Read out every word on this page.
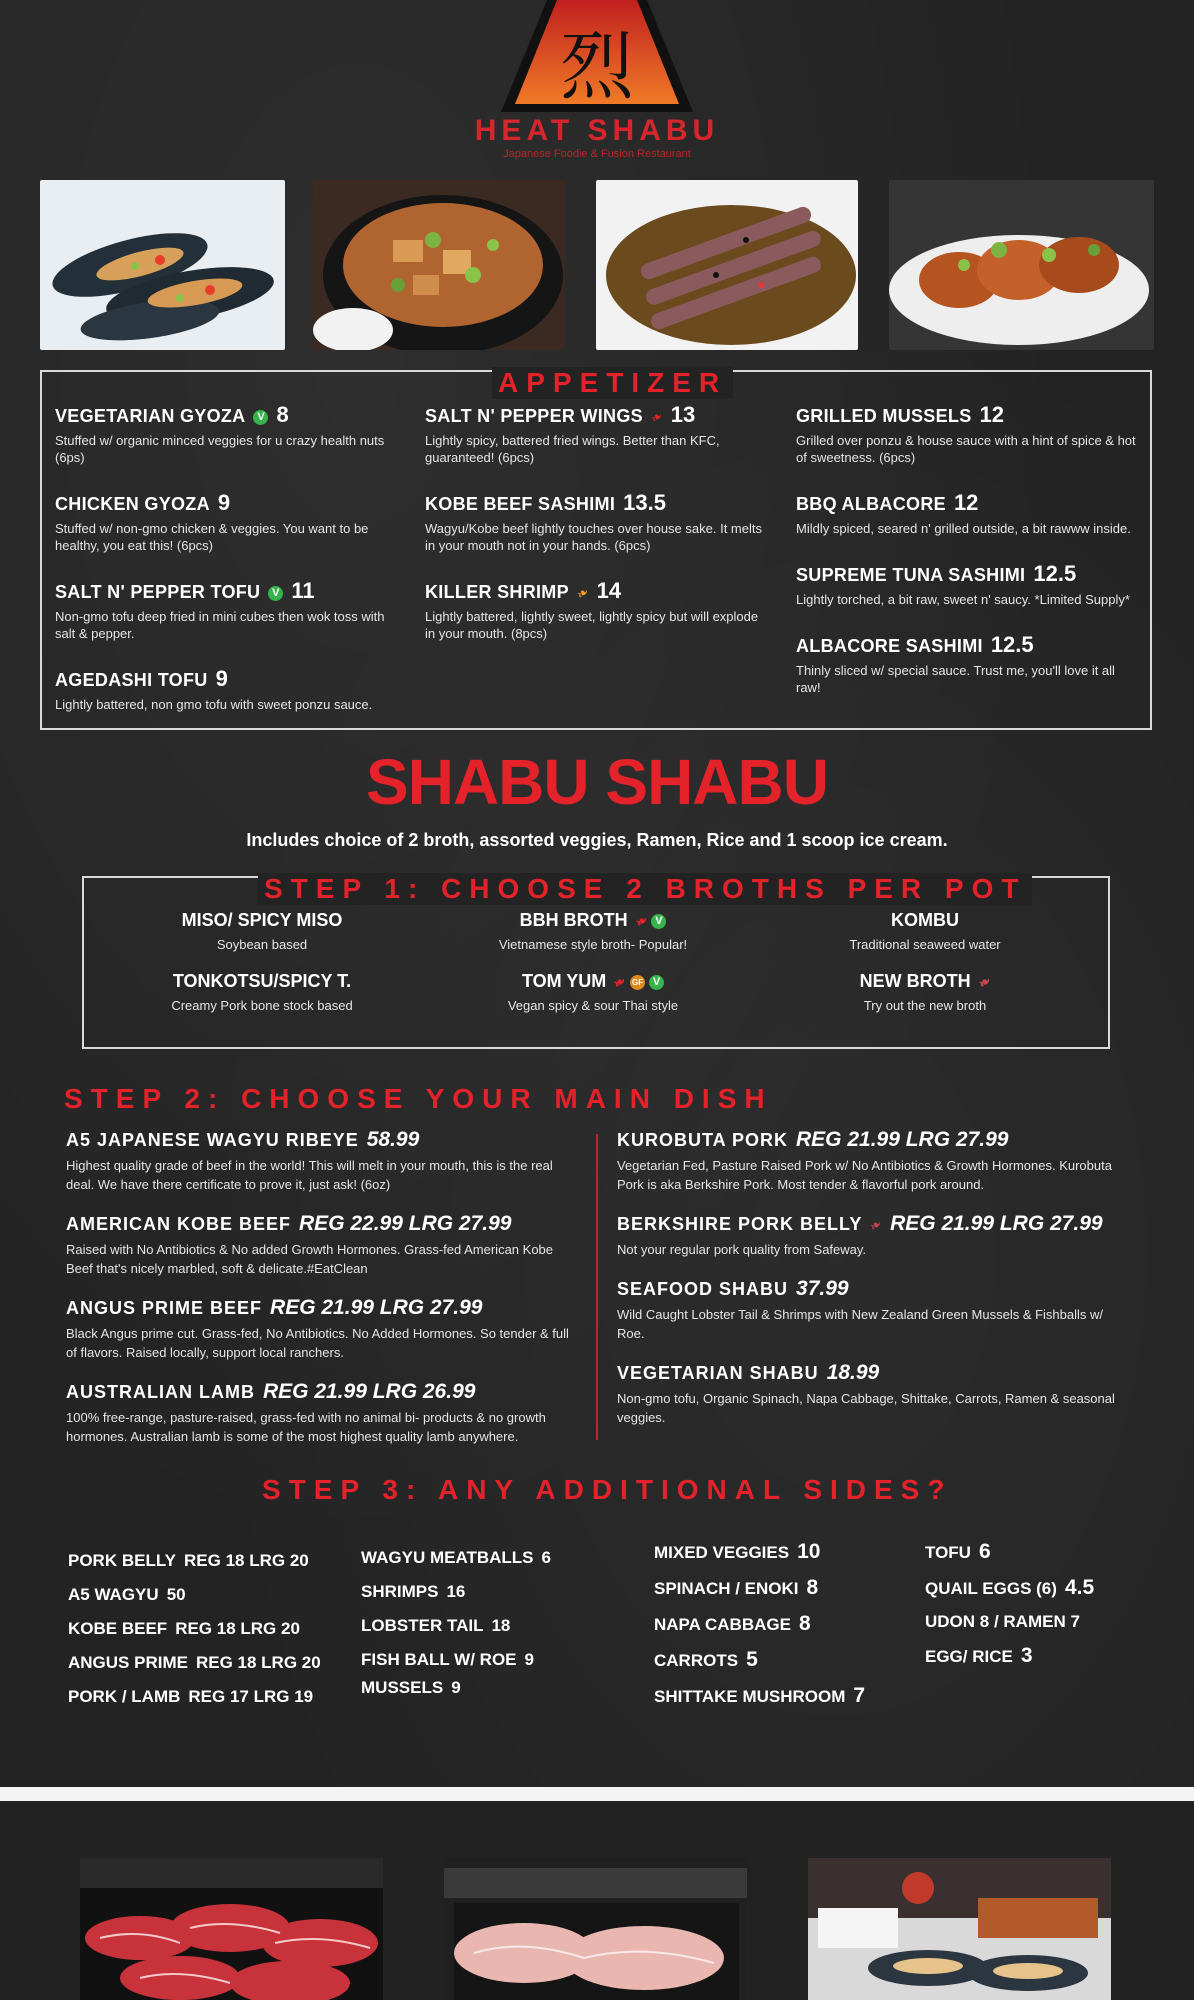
烈
HEAT SHABU
Japanese Foodie & Fusion Restaurant
APPETIZER
VEGETARIAN GYOZA V 8
Stuffed w/ organic minced veggies for u crazy health nuts (6ps)
CHICKEN GYOZA 9
Stuffed w/ non-gmo chicken & veggies. You want to be healthy, you eat this! (6pcs)
SALT N' PEPPER TOFU V 11
Non-gmo tofu deep fried in mini cubes then wok toss with salt & pepper.
AGEDASHI TOFU 9
Lightly battered, non gmo tofu with sweet ponzu sauce.
SALT N' PEPPER WINGS ❧ 13
Lightly spicy, battered fried wings. Better than KFC, guaranteed! (6pcs)
KOBE BEEF SASHIMI 13.5
Wagyu/Kobe beef lightly touches over house sake. It melts in your mouth not in your hands. (6pcs)
KILLER SHRIMP ❧ 14
Lightly battered, lightly sweet, lightly spicy but will explode in your mouth. (8pcs)
GRILLED MUSSELS 12
Grilled over ponzu & house sauce with a hint of spice & hot of sweetness. (6pcs)
BBQ ALBACORE 12
Mildly spiced, seared n' grilled outside, a bit rawww inside.
SUPREME TUNA SASHIMI 12.5
Lightly torched, a bit raw, sweet n' saucy. *Limited Supply*
ALBACORE SASHIMI 12.5
Thinly sliced w/ special sauce. Trust me, you'll love it all raw!
SHABU SHABU
Includes choice of 2 broth, assorted veggies, Ramen, Rice and 1 scoop ice cream.
STEP 1: CHOOSE 2 BROTHS PER POT
MISO/ SPICY MISO
Soybean based
BBH BROTH ❧ V
Vietnamese style broth- Popular!
KOMBU
Traditional seaweed water
TONKOTSU/SPICY T.
Creamy Pork bone stock based
TOM YUM ❧ GF V
Vegan spicy & sour Thai style
NEW BROTH ❧
Try out the new broth
STEP 2: CHOOSE YOUR MAIN DISH
A5 JAPANESE WAGYU RIBEYE 58.99
Highest quality grade of beef in the world! This will melt in your mouth, this is the real deal. We have there certificate to prove it, just ask! (6oz)
AMERICAN KOBE BEEF REG 22.99 LRG 27.99
Raised with No Antibiotics & No added Growth Hormones. Grass-fed American Kobe Beef that's nicely marbled, soft & delicate.#EatClean
ANGUS PRIME BEEF REG 21.99 LRG 27.99
Black Angus prime cut. Grass-fed, No Antibiotics. No Added Hormones. So tender & full of flavors. Raised locally, support local ranchers.
AUSTRALIAN LAMB REG 21.99 LRG 26.99
100% free-range, pasture-raised, grass-fed with no animal bi- products & no growth hormones. Australian lamb is some of the most highest quality lamb anywhere.
KUROBUTA PORK REG 21.99 LRG 27.99
Vegetarian Fed, Pasture Raised Pork w/ No Antibiotics & Growth Hormones. Kurobuta Pork is aka Berkshire Pork. Most tender & flavorful pork around.
BERKSHIRE PORK BELLY ❧ REG 21.99 LRG 27.99
Not your regular pork quality from Safeway.
SEAFOOD SHABU 37.99
Wild Caught Lobster Tail & Shrimps with New Zealand Green Mussels & Fishballs w/ Roe.
VEGETARIAN SHABU 18.99
Non-gmo tofu, Organic Spinach, Napa Cabbage, Shittake, Carrots, Ramen & seasonal veggies.
STEP 3: ANY ADDITIONAL SIDES?
PORK BELLY REG 18 LRG 20
A5 WAGYU 50
KOBE BEEF REG 18 LRG 20
ANGUS PRIME REG 18 LRG 20
PORK / LAMB REG 17 LRG 19
WAGYU MEATBALLS 6
SHRIMPS 16
LOBSTER TAIL 18
FISH BALL W/ ROE 9
MUSSELS 9
MIXED VEGGIES 10
SPINACH / ENOKI 8
NAPA CABBAGE 8
CARROTS 5
SHITTAKE MUSHROOM 7
TOFU 6
QUAIL EGGS (6) 4.5
UDON 8 / RAMEN 7
EGG/ RICE 3
